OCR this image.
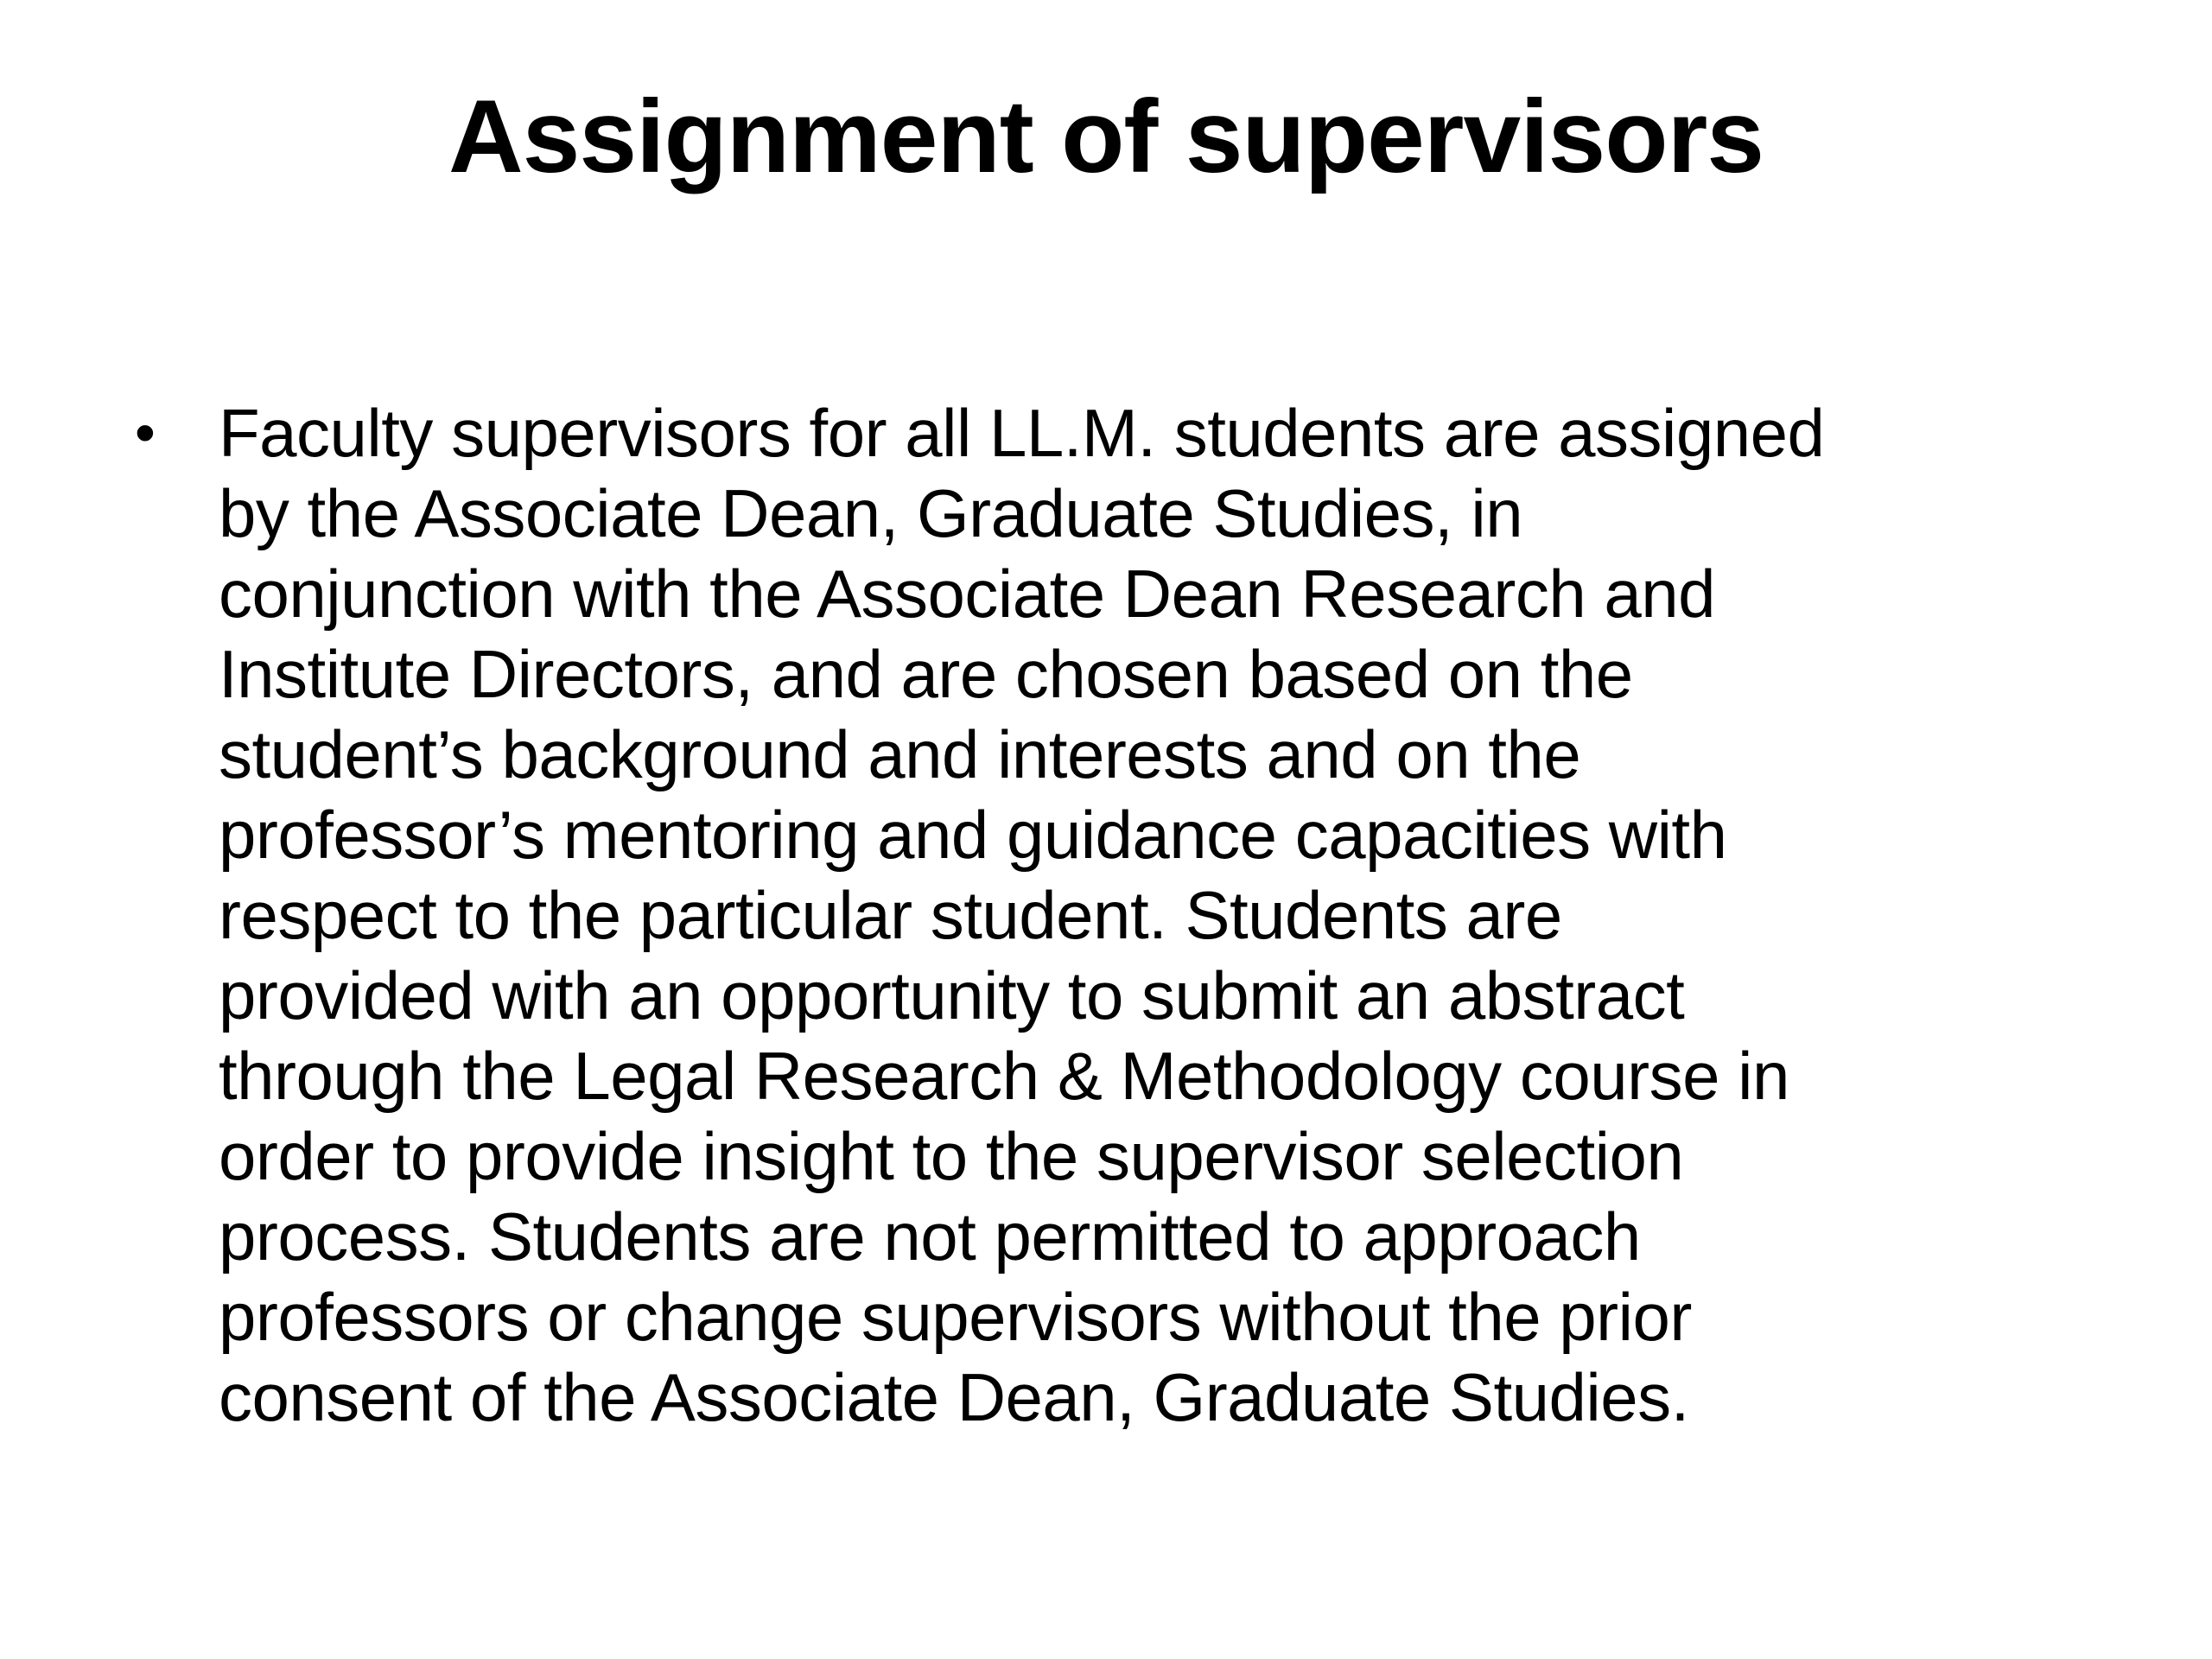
Assignment of supervisors
• Faculty supervisors for all LL.M. students are assigned
by the Associate Dean, Graduate Studies, in
conjunction with the Associate Dean Research and
Institute Directors, and are chosen based on the
student’s background and interests and on the
professor’s mentoring and guidance capacities with
respect to the particular student. Students are
provided with an opportunity to submit an abstract
through the Legal Research & Methodology course in
order to provide insight to the supervisor selection
process. Students are not permitted to approach
professors or change supervisors without the prior
consent of the Associate Dean, Graduate Studies.
